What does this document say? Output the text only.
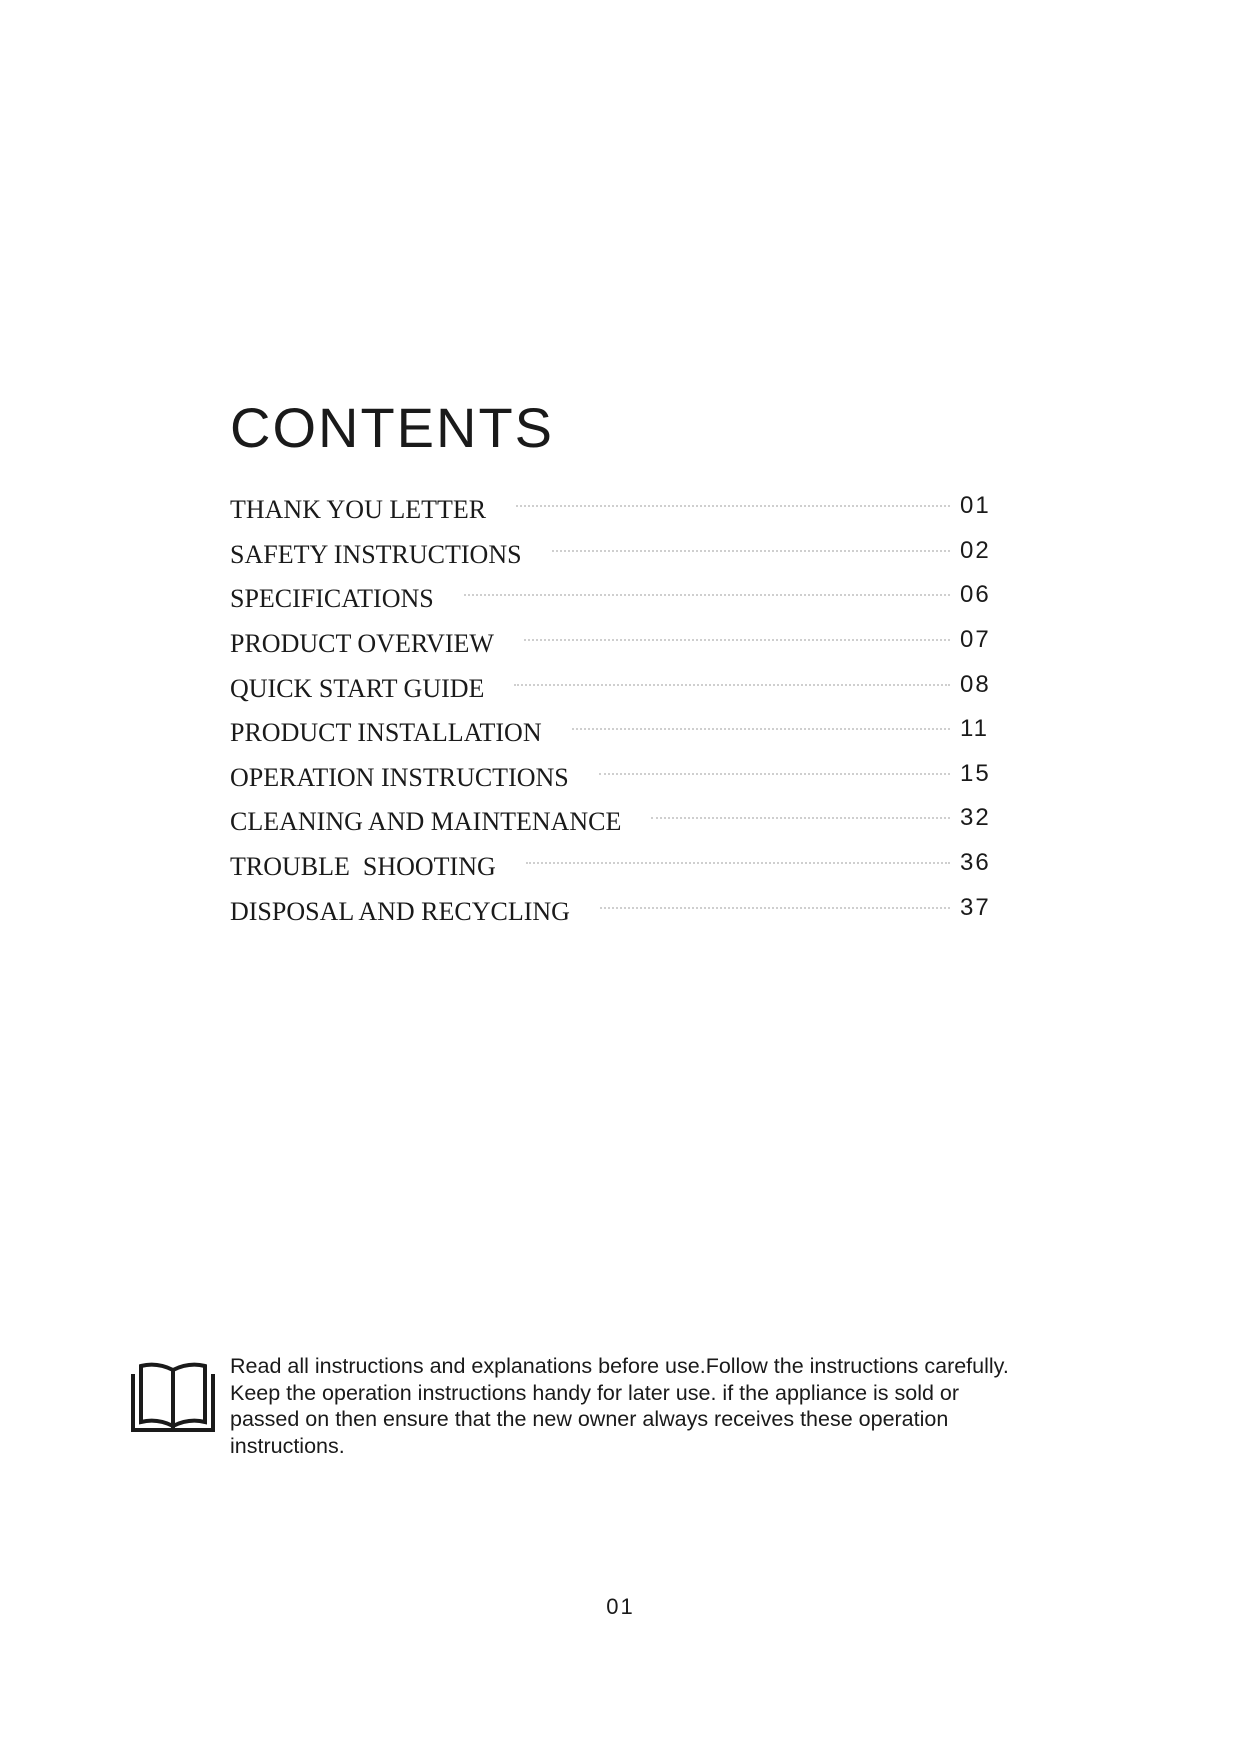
CONTENTS
THANK YOU LETTER	01
SAFETY INSTRUCTIONS	02
SPECIFICATIONS	06
PRODUCT OVERVIEW	07
QUICK START GUIDE	08
PRODUCT INSTALLATION	11
OPERATION INSTRUCTIONS	15
CLEANING AND MAINTENANCE	32
TROUBLE  SHOOTING	36
DISPOSAL AND RECYCLING	37

Read all instructions and explanations before use.Follow the instructions carefully.

Keep the operation instructions handy for later use. if the appliance is sold or

passed on then ensure that the new owner always receives these operation

instructions.

01
